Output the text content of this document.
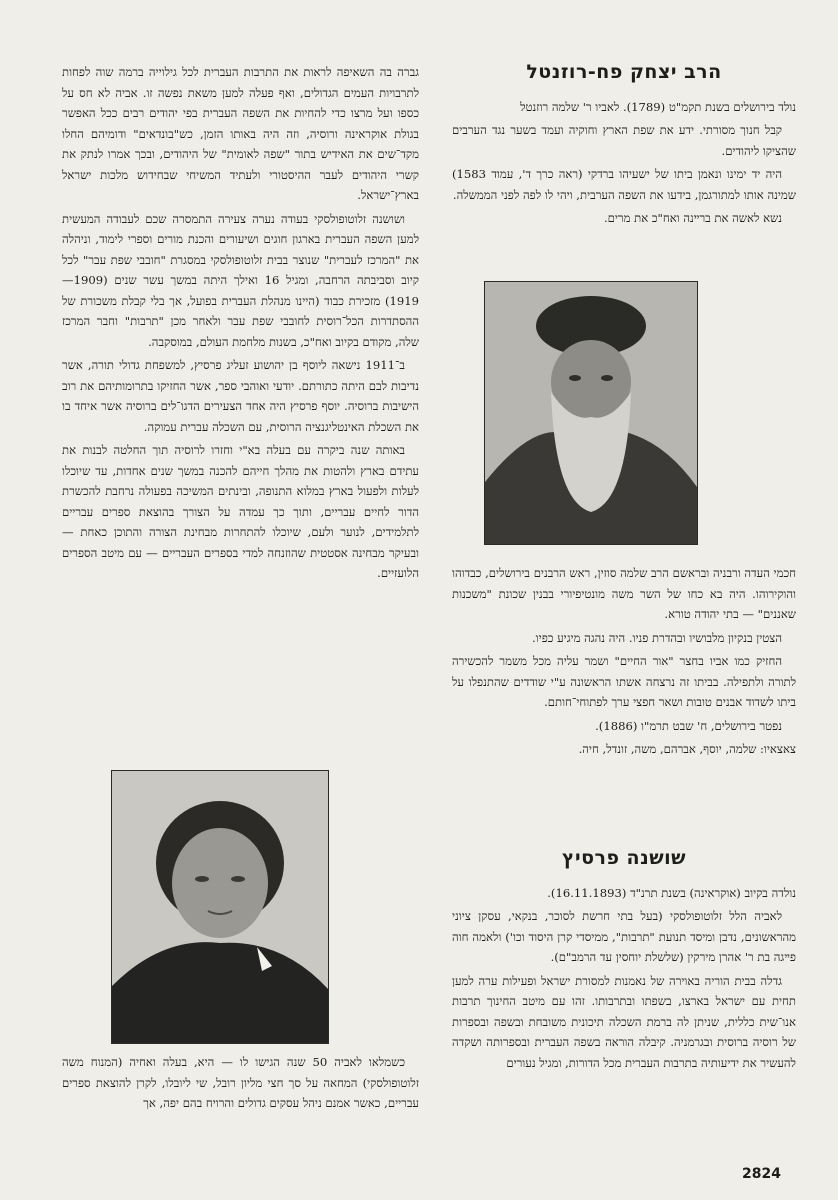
הרב יצחק פח-רוזנטל

נולד בירושלים בשנת תקמ"ט (1789). לאביו ר' שלמה רוזנטל

קבל חנוך מסורתי. ידע את שפת הארץ וחוקיה ועמד בשער נגד הערבים שהציקו ליהודים.

היה יד ימינו ונאמן ביתו של ישעיהו ברדקי (ראה כרך ד', עמוד 1583) שמינה אותו למתורגמן, בידעו את השפה הערבית, ויהי לו לפה לפני הממשלה.

נשא לאשה את ברײנה ואח"כ את מרים.

חכמי העדה ורבניה ובראשם הרב שלמה סוזין, ראש הרבנים בירושלים, כבדוהו והוקירוהו. היה בא כחו של השר משה מונטיפיורי בבנין שכונת "משכנות שאננים" — בתי יהודה טורא.

הצטין בנקיון מלבושיו ובהדרת פניו. היה נהגה מיגיע כפיו.

החזיק כמו אביו בחצר "אור החיים" ושמר עליה מכל משמר להכשירה לתורה ולתפילה. בביתו זה נרצחה אשתו הראשונה ע"י שודדים שהתנפלו על ביתו לשדוד אבנים טובות ושאר חפצי ערך לפתוחי־חותם.

נפטר בירושלים, ח' שבט תרמ"ו (1886).

צאצאיו: שלמה, יוסף, אברהם, משה, זונדל, חיה.

שושנה פרסיץ

נולדה בקיוב (אוקראינה) בשנת תרנ"ד (16.11.1893).

לאביה הלל זלוטופולסקי (בעל בתי חרשת לסוכר, בנקאי, עסקן ציוני מהראשונים, נדבן ומיסד תנועת "תרבות", ממיסדי קרן היסוד וכו') ולאמה חוה פײגה בת ר' אהרן מירקין (שלשלת יוחסין עד הרמב"ם).

גדלה בבית הוריה באוירה של נאמנות למסורת ישראל ופעילות ערה למען תחית עם ישראל בארצו, בשפתו ובתרבותו. זהו עם מיטב החינוך תרבות אנו־שית כללית, שניתן לה ברמת השכלה תיכונית משובחת ובשפה ובספרות של רוסיה ברוסית ובגרמניה. קיבלה הוראה בשפה העברית ובספרותה ושקדה להעשיר את ידיעותיה בתרבות העברית מכל הדורות, ומגיל נעורים

גברה בה השאיפה לראות את התרבות העברית לכל גילוייה ברמה שוה לפחות לתרבויות העמים הגדולים, ואף פעלה למען משאת נפשה זו. אביה לא חס על כספו ועל מרצו כדי להחיות את השפה העברית בפי יהודים רבים ככל האפשר בגולת אוקראינה ורוסיה, וזה היה באותו הזמן, כש"בונדאים" ודומיהם החלו מקד־שים את האידיש בתור "שפה לאומית" של היהודים, ובכך אמרו לנתק את קשרי היהודים לעבר ההיסטורי ולעתיד המשיחי שבחידוש מלכות ישראל בארץ־ישראל.

ושושנה זלוטופולסקי בעודה נערה צעירה התמסרה שכם לעבודה המעשית למען השפה העברית בארגון חוגים ושיעורים והכנת מורים וספרי לימוד, וניהלה את "המרכז לעברית" שנוצר בבית זלוטופולסקי במסגרת "חובבי שפת עבר" לכל קיוב וסביבתה הרחבה, ומגיל 16 ואילך היתה במשך עשר שנים (1909—1919) מזכירת כבוד (היינו מנהלת העברית בפועל, אך בלי קבלת משכורת של ההסתדרות הכל־רוסית לחובבי שפת עבר ולאחר מכן "תרבות" וחבר המרכז שלה, מקודם בקיוב ואח"כ, בשנות מלחמת העולם, במוסקבה.

ב־1911 נישאה ליוסף בן יהושוע זעליג פרסיץ, למשפחת גדולי תורה, אשר נדיבות לבם היתה כתורתם. יודעי ואוהבי ספר, אשר החזיקו בתרומותיהם את רוב הישיבות ברוסיה. יוסף פרסיץ היה אחד הצעירים הדגו־לים ברוסיה אשר איחד בו את השכלת האינטליגנציה הרוסית, עם השכלה עברית עמוקה.

באותה שנה ביקרה עם בעלה בא"י וחזרו לרוסיה תוך החלטה לבנות את עתידם בארץ ולהטות את מהלך חייהם להכנה במשך שנים אחדות, עד שיוכלו לעלות ולפעול בארץ במלוא התנופה, ובינתים המשיכה בפעולה נרחבת להכשרת הדור לחיים עבריים, ותוך כך עמדה על הצורך בהוצאת ספרים עבריים לתלמידים, לנוער ולעם, שיוכלו להתחרות מבחינת הצורה והתוכן כאחת — ובעיקר מבחינה אסטטית שהוזנחה למדי בספרים העבריים — עם מיטב הספרים הלועזיים.

כשמלאו לאביה 50 שנה הגישו לו — היא, בעלה ואחיה (המנוח משה זלוטופולסקי) המחאה על סך חצי מליון רובל, שי ליובלו, לקרן להוצאת ספרים עבריים, כאשר אמנם ניהל עסקים גדולים והרויח בהם יפה, אך

2824
